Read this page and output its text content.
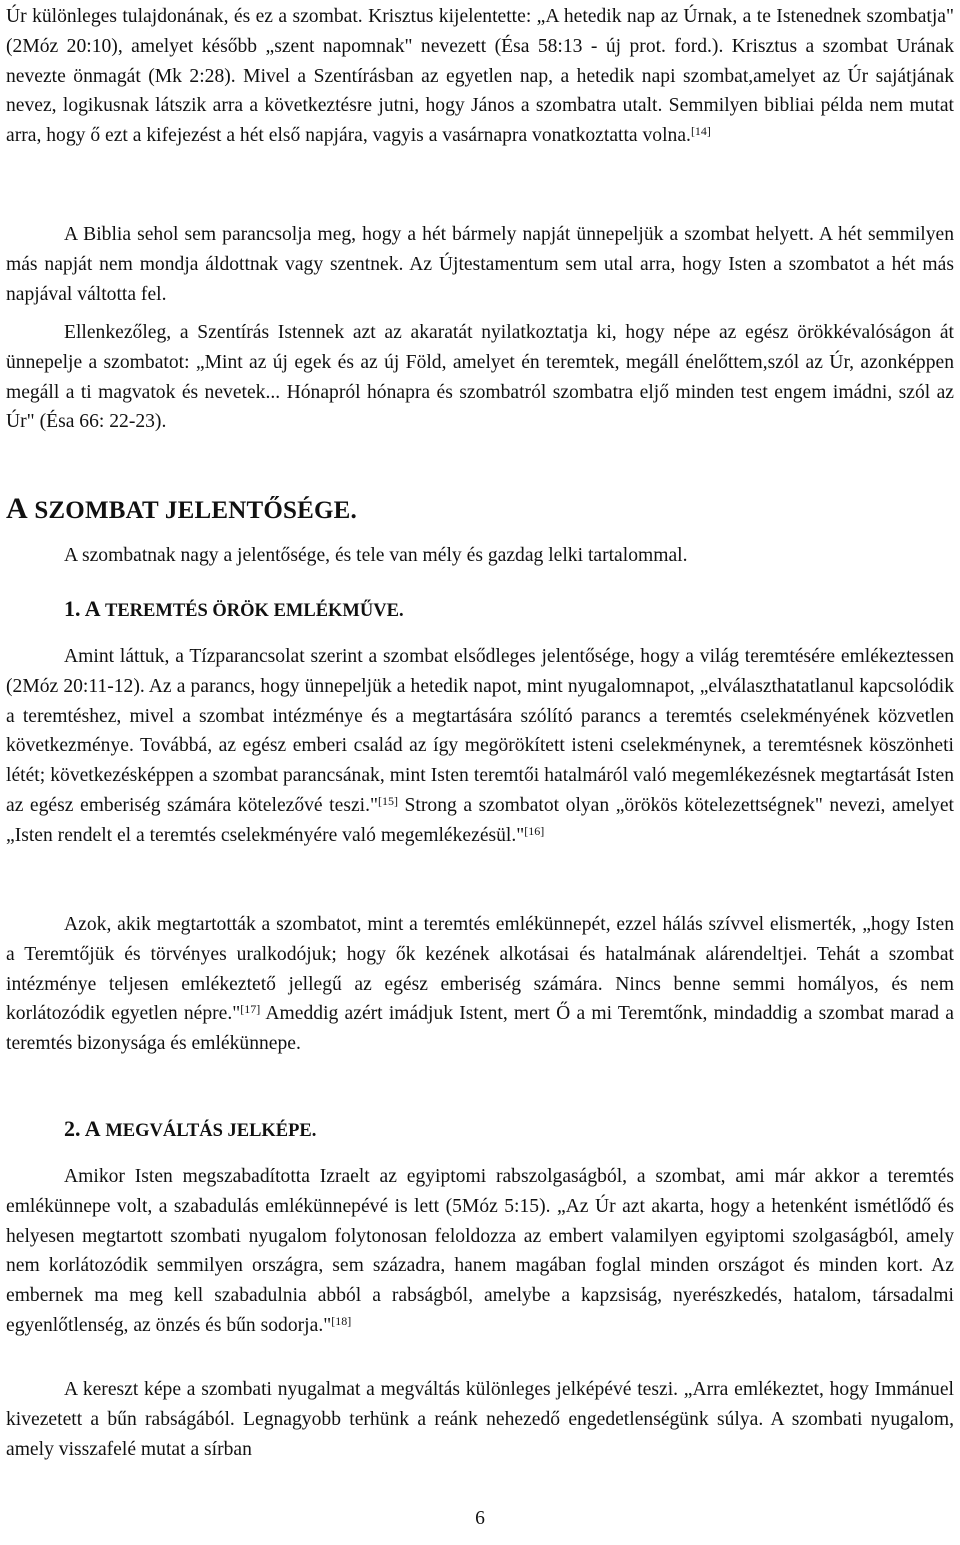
Úr különleges tulajdonának, és ez a szombat. Krisztus kijelentette: „A hetedik nap az Úrnak, a te Istenednek szombatja" (2Móz 20:10), amelyet később „szent napomnak" nevezett (Ésa 58:13 - új prot. ford.). Krisztus a szombat Urának nevezte önmagát (Mk 2:28). Mivel a Szentírásban az egyetlen nap, a hetedik napi szombat,amelyet az Úr sajátjának nevez, logikusnak látszik arra a következtésre jutni, hogy János a szombatra utalt. Semmilyen bibliai példa nem mutat arra, hogy ő ezt a kifejezést a hét első napjára, vagyis a vasárnapra vonatkoztatta volna.[14]

A Biblia sehol sem parancsolja meg, hogy a hét bármely napját ünnepeljük a szombat helyett. A hét semmilyen más napját nem mondja áldottnak vagy szentnek. Az Újtestamentum sem utal arra, hogy Isten a szombatot a hét más napjával váltotta fel.

Ellenkezőleg, a Szentírás Istennek azt az akaratát nyilatkoztatja ki, hogy népe az egész örökkévalóságon át ünnepelje a szombatot: „Mint az új egek és az új Föld, amelyet én teremtek, megáll énelőttem,szól az Úr, azonképpen megáll a ti magvatok és nevetek... Hónapról hónapra és szombatról szombatra eljő minden test engem imádni, szól az Úr" (Ésa 66: 22-23).

A SZOMBAT JELENTŐSÉGE.

A szombatnak nagy a jelentősége, és tele van mély és gazdag lelki tartalommal.

1. A TEREMTÉS ÖRÖK EMLÉKMŰVE.

Amint láttuk, a Tízparancsolat szerint a szombat elsődleges jelentősége, hogy a világ teremtésére emlékeztessen (2Móz 20:11-12). Az a parancs, hogy ünnepeljük a hetedik napot, mint nyugalomnapot, „elválaszthatatlanul kapcsolódik a teremtéshez, mivel a szombat intézménye és a megtartására szólító parancs a teremtés cselekményének közvetlen következménye. Továbbá, az egész emberi család az így megörökített isteni cselekménynek, a teremtésnek köszönheti létét; következésképpen a szombat parancsának, mint Isten teremtői hatalmáról való megemlékezésnek megtartását Isten az egész emberiség számára kötelezővé teszi."[15] Strong a szombatot olyan „örökös kötelezettségnek" nevezi, amelyet „Isten rendelt el a teremtés cselekményére való megemlékezésül."[16]

Azok, akik megtartották a szombatot, mint a teremtés emlékünnepét, ezzel hálás szívvel elismerték, „hogy Isten a Teremtőjük és törvényes uralkodójuk; hogy ők kezének alkotásai és hatalmának alárendeltjei. Tehát a szombat intézménye teljesen emlékeztető jellegű az egész emberiség számára. Nincs benne semmi homályos, és nem korlátozódik egyetlen népre."[17] Ameddig azért imádjuk Istent, mert Ő a mi Teremtőnk, mindaddig a szombat marad a teremtés bizonysága és emlékünnepe.

2. A MEGVÁLTÁS JELKÉPE.

Amikor Isten megszabadította Izraelt az egyiptomi rabszolgaságból, a szombat, ami már akkor a teremtés emlékünnepe volt, a szabadulás emlékünnepévé is lett (5Móz 5:15). „Az Úr azt akarta, hogy a hetenként ismétlődő és helyesen megtartott szombati nyugalom folytonosan feloldozza az embert valamilyen egyiptomi szolgaságból, amely nem korlátozódik semmilyen országra, sem századra, hanem magában foglal minden országot és minden kort. Az embernek ma meg kell szabadulnia abból a rabságból, amelybe a kapzsiság, nyerészkedés, hatalom, társadalmi egyenlőtlenség, az önzés és bűn sodorja."[18]

A kereszt képe a szombati nyugalmat a megváltás különleges jelképévé teszi. „Arra emlékeztet, hogy Immánuel kivezetett a bűn rabságából. Legnagyobb terhünk a reánk nehezedő engedetlenségünk súlya. A szombati nyugalom, amely visszafelé mutat a sírban

6
